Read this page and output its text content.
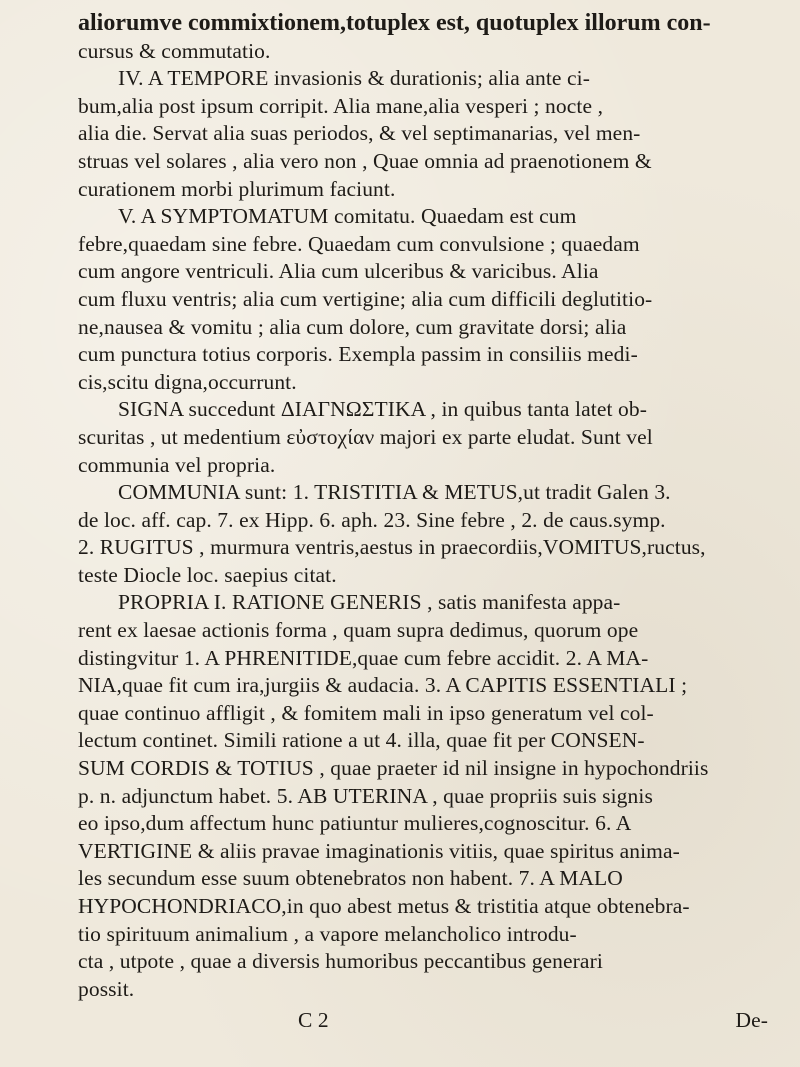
aliorumve commixtionem,totuplex est, quotuplex illorum con-
cursus & commutatio.
IV. A TEMPORE invasionis & durationis; alia ante ci-
bum,alia post ipsum corripit. Alia mane,alia vesperi ; nocte ,
alia die. Servat alia suas periodos, & vel septimanarias, vel men-
struas vel solares , alia vero non , Quae omnia ad praenotionem &
curationem morbi plurimum faciunt.
V. A SYMPTOMATUM comitatu. Quaedam est cum
febre,quaedam sine febre. Quaedam cum convulsione ; quaedam
cum angore ventriculi. Alia cum ulceribus & varicibus. Alia
cum fluxu ventris; alia cum vertigine; alia cum difficili deglutitio-
ne,nausea & vomitu ; alia cum dolore, cum gravitate dorsi; alia
cum punctura totius corporis. Exempla passim in consiliis medi-
cis,scitu digna,occurrunt.
SIGNA succedunt ΔΙΑΓΝΩΣΤΙΚΑ , in quibus tanta latet ob-
scuritas , ut medentium εὐστοχίαν majori ex parte eludat. Sunt vel
communia vel propria.
COMMUNIA sunt: 1. TRISTITIA & METUS,ut tradit Galen 3.
de loc. aff. cap. 7. ex Hipp. 6. aph. 23. Sine febre , 2. de caus.symp.
2. RUGITUS , murmura ventris,aestus in praecordiis,VOMITUS,ructus,
teste Diocle loc. saepius citat.
PROPRIA I. RATIONE GENERIS , satis manifesta appa-
rent ex laesae actionis forma , quam supra dedimus, quorum ope
distingvitur 1. A PHRENITIDE,quae cum febre accidit. 2. A MA-
NIA,quae fit cum ira,jurgiis & audacia. 3. A CAPITIS ESSENTIALI ;
quae continuo affligit , & fomitem mali in ipso generatum vel col-
lectum continet. Simili ratione a ut 4. illa, quae fit per CONSEN-
SUM CORDIS & TOTIUS , quae praeter id nil insigne in hypochondriis
p. n. adjunctum habet. 5. AB UTERINA , quae propriis suis signis
eo ipso,dum affectum hunc patiuntur mulieres,cognoscitur. 6. A
VERTIGINE & aliis pravae imaginationis vitiis, quae spiritus anima-
les secundum esse suum obtenebratos non habent. 7. A MALO
HYPOCHONDRIACO,in quo abest metus & tristitia atque obtenebra-
tio spirituum animalium , a vapore melancholico introdu-
cta , utpote , quae a diversis humoribus peccantibus generari
possit.
C 2	De-
